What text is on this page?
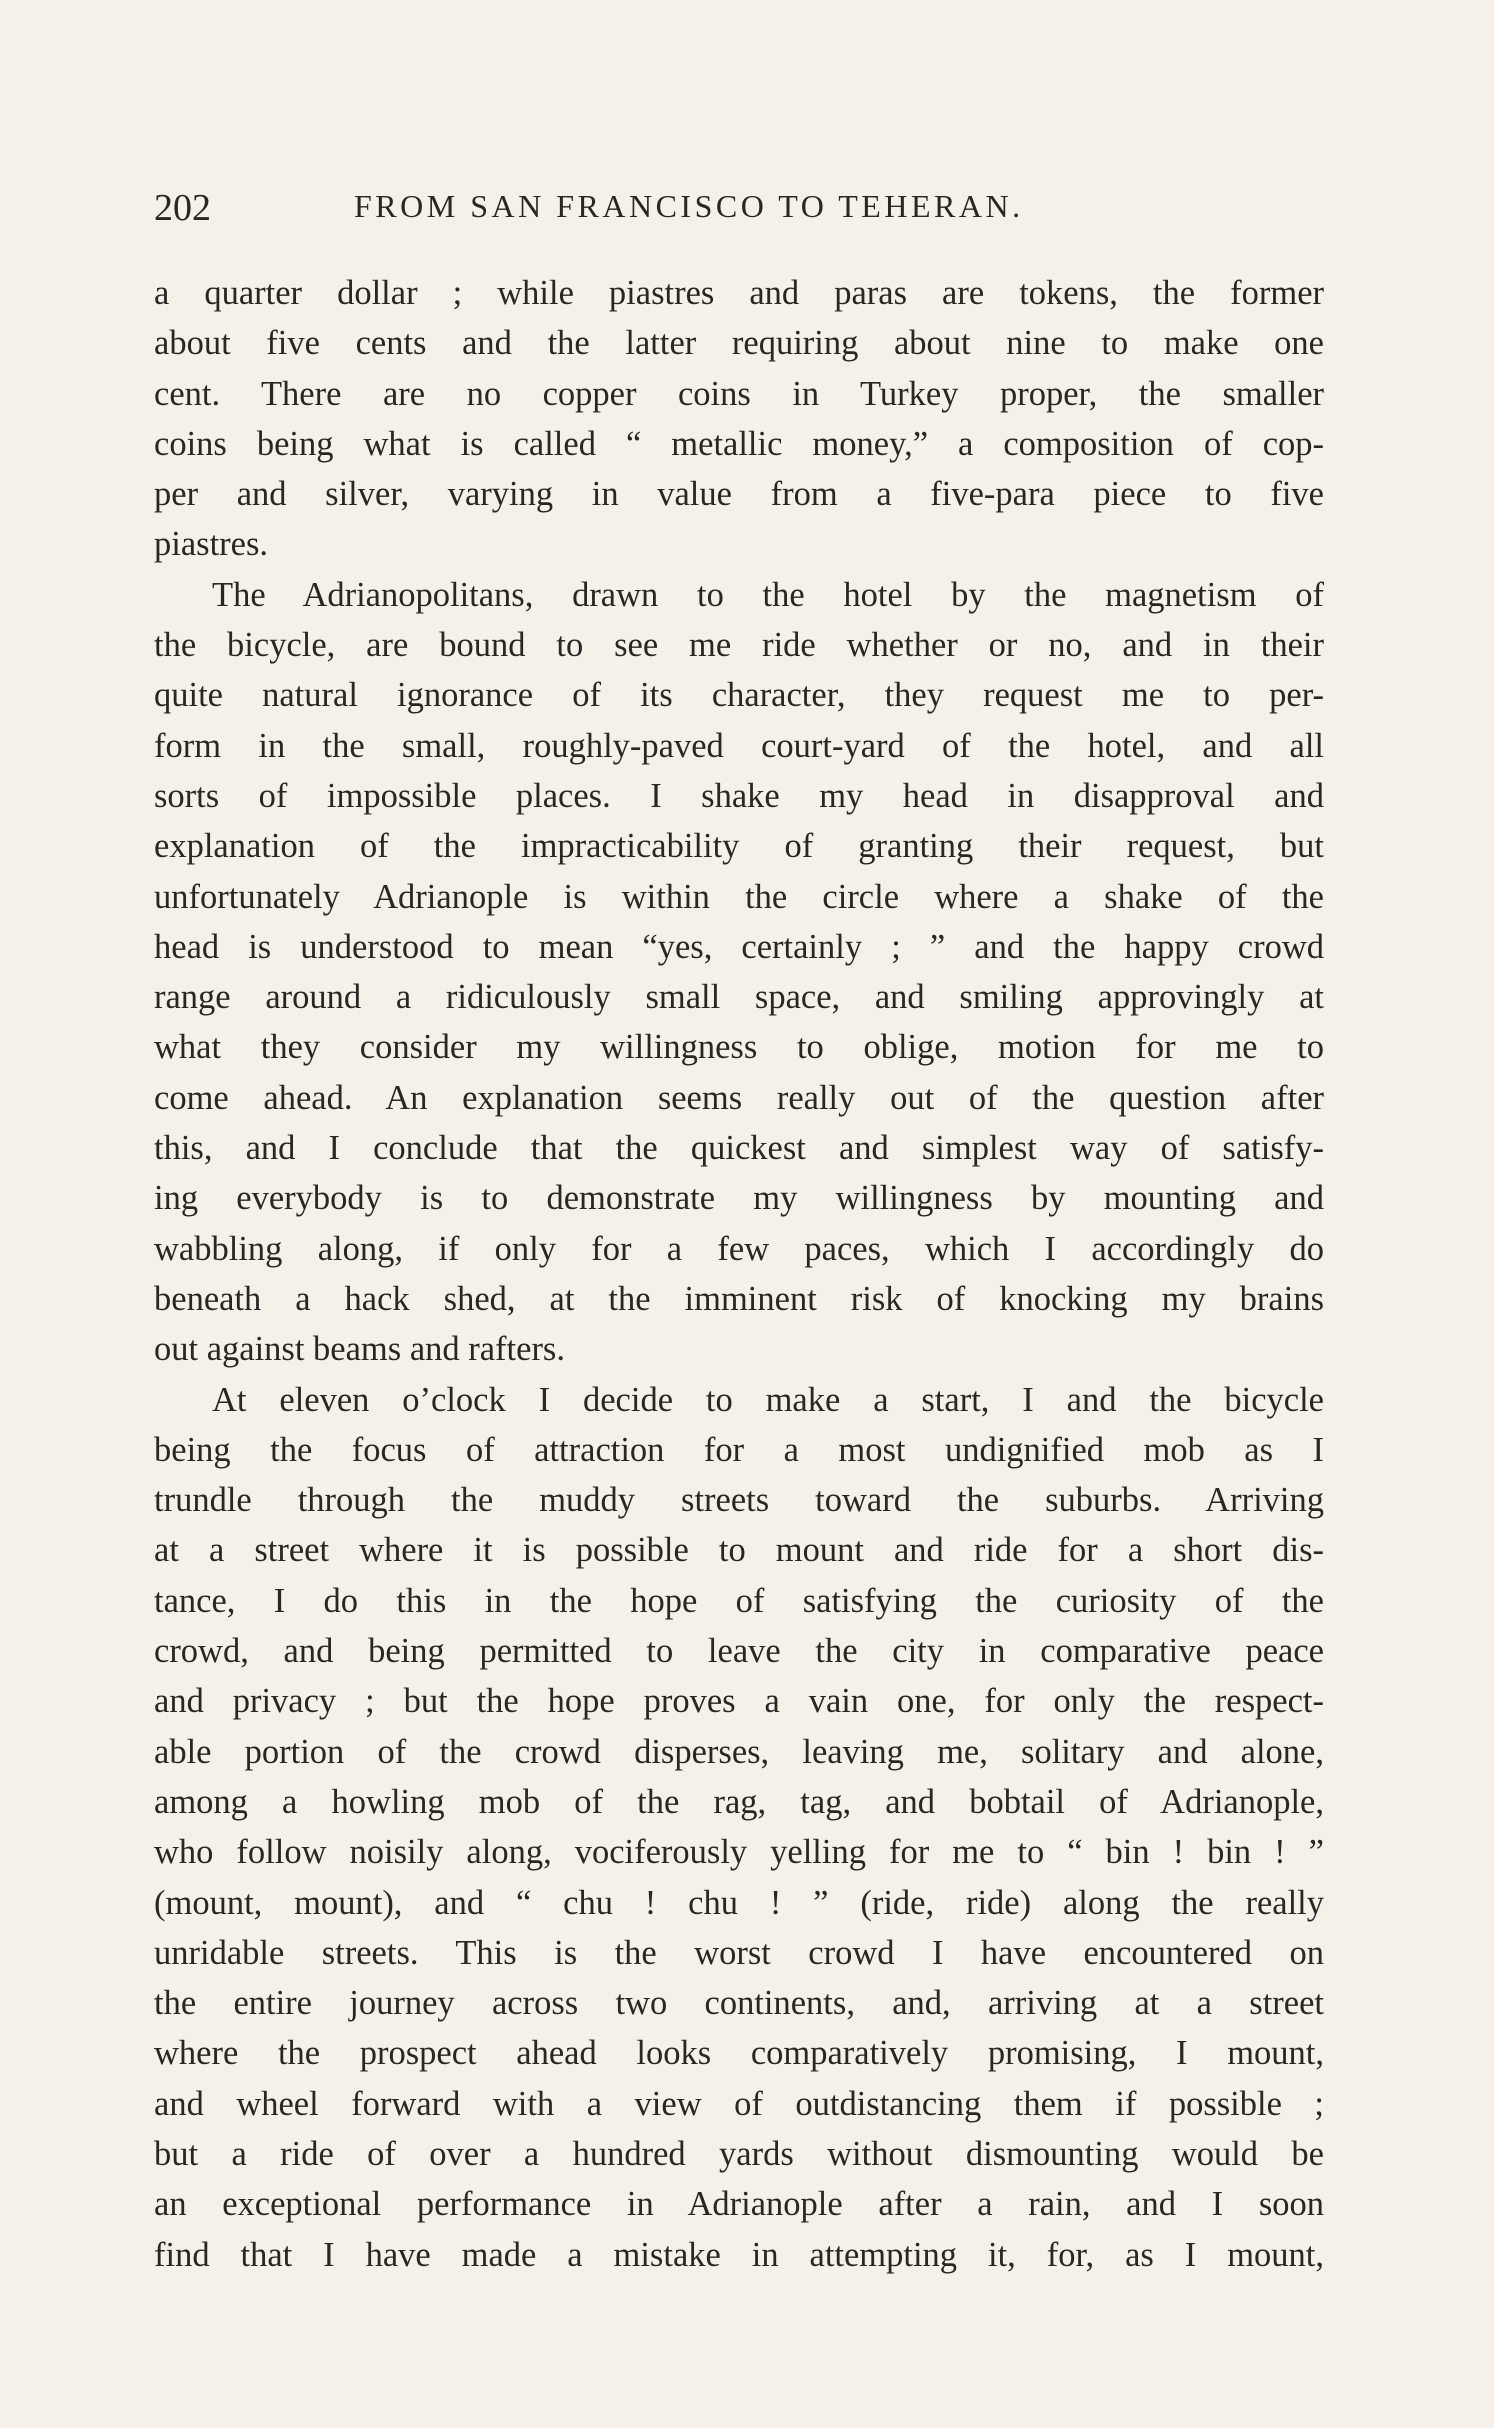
202	FROM SAN FRANCISCO TO TEHERAN.
a quarter dollar ; while piastres and paras are tokens, the former
about five cents and the latter requiring about nine to make one
cent. There are no copper coins in Turkey proper, the smaller
coins being what is called “ metallic money,” a composition of cop-
per and silver, varying in value from a five-para piece to five
piastres.
The Adrianopolitans, drawn to the hotel by the magnetism of
the bicycle, are bound to see me ride whether or no, and in their
quite natural ignorance of its character, they request me to per-
form in the small, roughly-paved court-yard of the hotel, and all
sorts of impossible places. I shake my head in disapproval and
explanation of the impracticability of granting their request, but
unfortunately Adrianople is within the circle where a shake of the
head is understood to mean “yes, certainly ; ” and the happy crowd
range around a ridiculously small space, and smiling approvingly at
what they consider my willingness to oblige, motion for me to
come ahead. An explanation seems really out of the question after
this, and I conclude that the quickest and simplest way of satisfy-
ing everybody is to demonstrate my willingness by mounting and
wabbling along, if only for a few paces, which I accordingly do
beneath a hack shed, at the imminent risk of knocking my brains
out against beams and rafters.
At eleven o’clock I decide to make a start, I and the bicycle
being the focus of attraction for a most undignified mob as I
trundle through the muddy streets toward the suburbs. Arriving
at a street where it is possible to mount and ride for a short dis-
tance, I do this in the hope of satisfying the curiosity of the
crowd, and being permitted to leave the city in comparative peace
and privacy ; but the hope proves a vain one, for only the respect-
able portion of the crowd disperses, leaving me, solitary and alone,
among a howling mob of the rag, tag, and bobtail of Adrianople,
who follow noisily along, vociferously yelling for me to “ bin ! bin ! ”
(mount, mount), and “ chu ! chu ! ” (ride, ride) along the really
unridable streets. This is the worst crowd I have encountered on
the entire journey across two continents, and, arriving at a street
where the prospect ahead looks comparatively promising, I mount,
and wheel forward with a view of outdistancing them if possible ;
but a ride of over a hundred yards without dismounting would be
an exceptional performance in Adrianople after a rain, and I soon
find that I have made a mistake in attempting it, for, as I mount,
